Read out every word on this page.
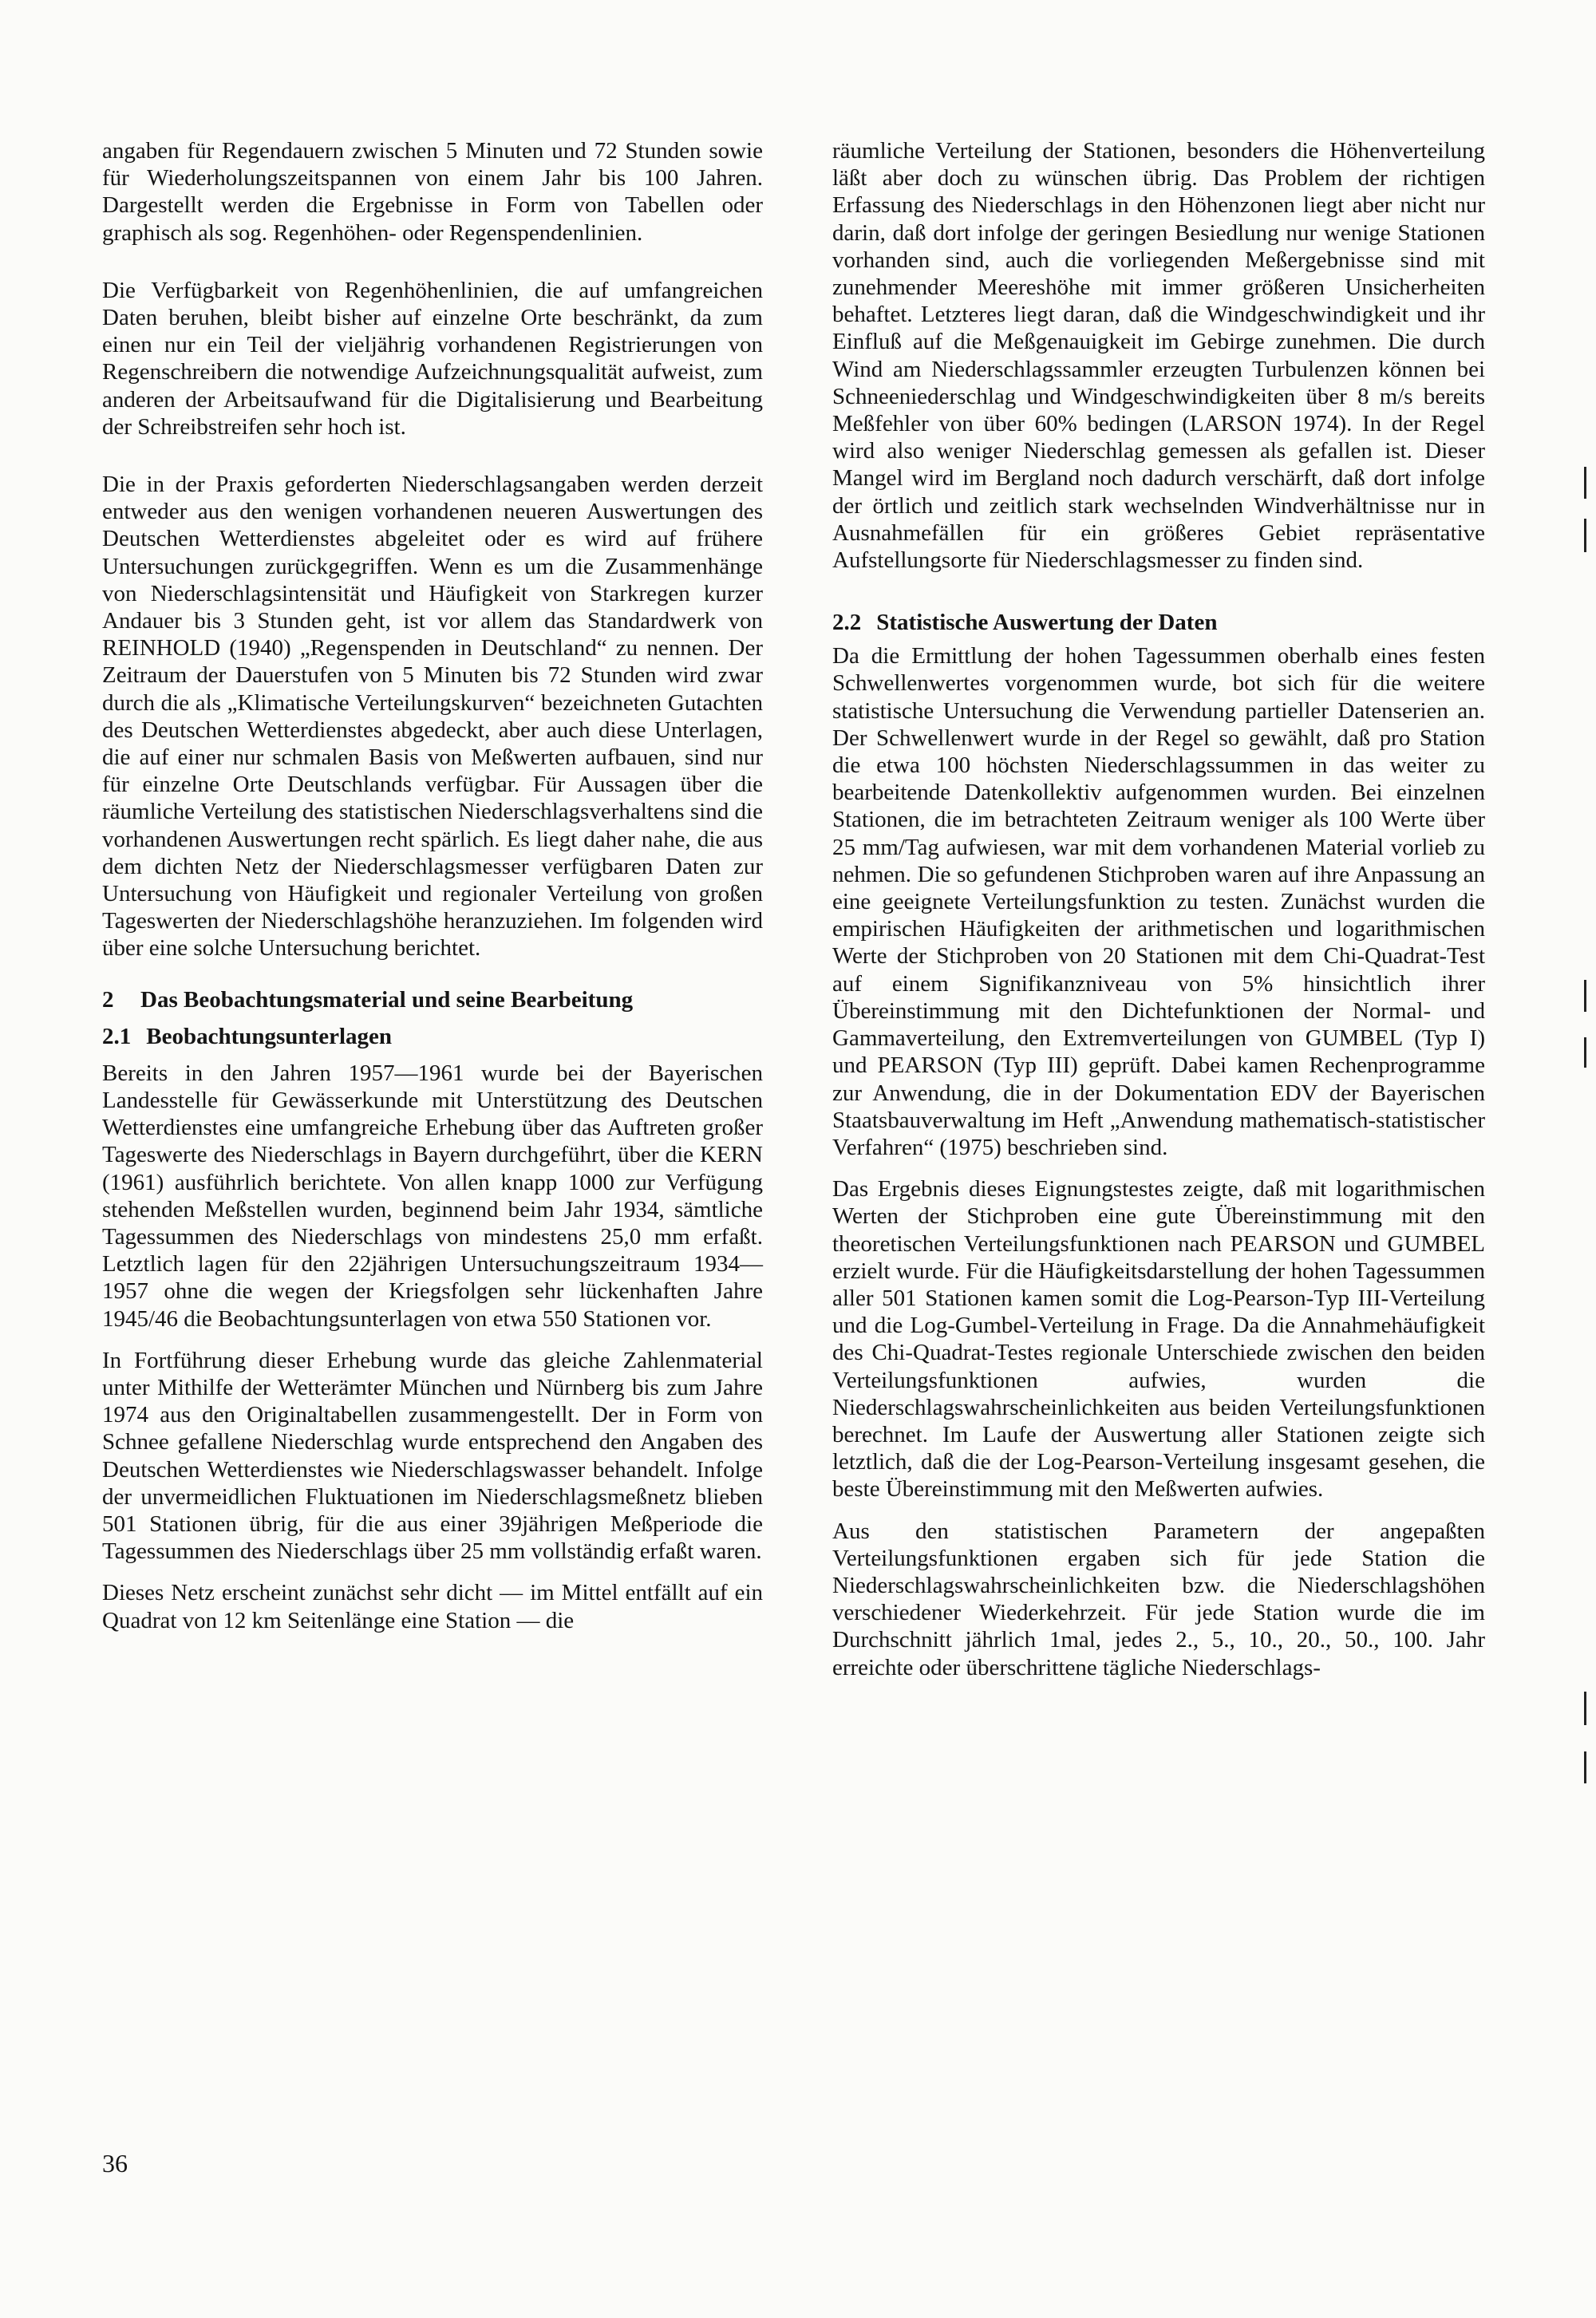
angaben für Regendauern zwischen 5 Minuten und 72 Stunden sowie für Wiederholungszeitspannen von einem Jahr bis 100 Jahren. Dargestellt werden die Ergebnisse in Form von Tabellen oder graphisch als sog. Regenhöhen- oder Regenspendenlinien.

Die Verfügbarkeit von Regenhöhenlinien, die auf umfangreichen Daten beruhen, bleibt bisher auf einzelne Orte beschränkt, da zum einen nur ein Teil der vieljährig vorhandenen Registrierungen von Regenschreibern die notwendige Aufzeichnungsqualität aufweist, zum anderen der Arbeitsaufwand für die Digitalisierung und Bearbeitung der Schreibstreifen sehr hoch ist.

Die in der Praxis geforderten Niederschlagsangaben werden derzeit entweder aus den wenigen vorhandenen neueren Auswertungen des Deutschen Wetterdienstes abgeleitet oder es wird auf frühere Untersuchungen zurückgegriffen. Wenn es um die Zusammenhänge von Niederschlagsintensität und Häufigkeit von Starkregen kurzer Andauer bis 3 Stunden geht, ist vor allem das Standardwerk von REINHOLD (1940) „Regenspenden in Deutschland“ zu nennen. Der Zeitraum der Dauerstufen von 5 Minuten bis 72 Stunden wird zwar durch die als „Klimatische Verteilungskurven“ bezeichneten Gutachten des Deutschen Wetterdienstes abgedeckt, aber auch diese Unterlagen, die auf einer nur schmalen Basis von Meßwerten aufbauen, sind nur für einzelne Orte Deutschlands verfügbar. Für Aussagen über die räumliche Verteilung des statistischen Niederschlagsverhaltens sind die vorhandenen Auswertungen recht spärlich. Es liegt daher nahe, die aus dem dichten Netz der Niederschlagsmesser verfügbaren Daten zur Untersuchung von Häufigkeit und regionaler Verteilung von großen Tageswerten der Niederschlagshöhe heranzuziehen. Im folgenden wird über eine solche Untersuchung berichtet.

2 Das Beobachtungsmaterial und seine Bearbeitung
2.1 Beobachtungsunterlagen

Bereits in den Jahren 1957—1961 wurde bei der Bayerischen Landesstelle für Gewässerkunde mit Unterstützung des Deutschen Wetterdienstes eine umfangreiche Erhebung über das Auftreten großer Tageswerte des Niederschlags in Bayern durchgeführt, über die KERN (1961) ausführlich berichtete. Von allen knapp 1000 zur Verfügung stehenden Meßstellen wurden, beginnend beim Jahr 1934, sämtliche Tagessummen des Niederschlags von mindestens 25,0 mm erfaßt. Letztlich lagen für den 22jährigen Untersuchungszeitraum 1934—1957 ohne die wegen der Kriegsfolgen sehr lückenhaften Jahre 1945/46 die Beobachtungsunterlagen von etwa 550 Stationen vor.

In Fortführung dieser Erhebung wurde das gleiche Zahlenmaterial unter Mithilfe der Wetterämter München und Nürnberg bis zum Jahre 1974 aus den Originaltabellen zusammengestellt. Der in Form von Schnee gefallene Niederschlag wurde entsprechend den Angaben des Deutschen Wetterdienstes wie Niederschlagswasser behandelt. Infolge der unvermeidlichen Fluktuationen im Niederschlagsmeßnetz blieben 501 Stationen übrig, für die aus einer 39jährigen Meßperiode die Tagessummen des Niederschlags über 25 mm vollständig erfaßt waren.

Dieses Netz erscheint zunächst sehr dicht — im Mittel entfällt auf ein Quadrat von 12 km Seitenlänge eine Station — die

räumliche Verteilung der Stationen, besonders die Höhenverteilung läßt aber doch zu wünschen übrig. Das Problem der richtigen Erfassung des Niederschlags in den Höhenzonen liegt aber nicht nur darin, daß dort infolge der geringen Besiedlung nur wenige Stationen vorhanden sind, auch die vorliegenden Meßergebnisse sind mit zunehmender Meereshöhe mit immer größeren Unsicherheiten behaftet. Letzteres liegt daran, daß die Windgeschwindigkeit und ihr Einfluß auf die Meßgenauigkeit im Gebirge zunehmen. Die durch Wind am Niederschlagssammler erzeugten Turbulenzen können bei Schneeniederschlag und Windgeschwindigkeiten über 8 m/s bereits Meßfehler von über 60% bedingen (LARSON 1974). In der Regel wird also weniger Niederschlag gemessen als gefallen ist. Dieser Mangel wird im Bergland noch dadurch verschärft, daß dort infolge der örtlich und zeitlich stark wechselnden Windverhältnisse nur in Ausnahmefällen für ein größeres Gebiet repräsentative Aufstellungsorte für Niederschlagsmesser zu finden sind.

2.2 Statistische Auswertung der Daten

Da die Ermittlung der hohen Tagessummen oberhalb eines festen Schwellenwertes vorgenommen wurde, bot sich für die weitere statistische Untersuchung die Verwendung partieller Datenserien an. Der Schwellenwert wurde in der Regel so gewählt, daß pro Station die etwa 100 höchsten Niederschlagssummen in das weiter zu bearbeitende Datenkollektiv aufgenommen wurden. Bei einzelnen Stationen, die im betrachteten Zeitraum weniger als 100 Werte über 25 mm/Tag aufwiesen, war mit dem vorhandenen Material vorlieb zu nehmen. Die so gefundenen Stichproben waren auf ihre Anpassung an eine geeignete Verteilungsfunktion zu testen. Zunächst wurden die empirischen Häufigkeiten der arithmetischen und logarithmischen Werte der Stichproben von 20 Stationen mit dem Chi-Quadrat-Test auf einem Signifikanzniveau von 5% hinsichtlich ihrer Übereinstimmung mit den Dichtefunktionen der Normal- und Gammaverteilung, den Extremverteilungen von GUMBEL (Typ I) und PEARSON (Typ III) geprüft. Dabei kamen Rechenprogramme zur Anwendung, die in der Dokumentation EDV der Bayerischen Staatsbauverwaltung im Heft „Anwendung mathematisch-statistischer Verfahren“ (1975) beschrieben sind.

Das Ergebnis dieses Eignungstestes zeigte, daß mit logarithmischen Werten der Stichproben eine gute Übereinstimmung mit den theoretischen Verteilungsfunktionen nach PEARSON und GUMBEL erzielt wurde. Für die Häufigkeitsdarstellung der hohen Tagessummen aller 501 Stationen kamen somit die Log-Pearson-Typ III-Verteilung und die Log-Gumbel-Verteilung in Frage. Da die Annahmehäufigkeit des Chi-Quadrat-Testes regionale Unterschiede zwischen den beiden Verteilungsfunktionen aufwies, wurden die Niederschlagswahrscheinlichkeiten aus beiden Verteilungsfunktionen berechnet. Im Laufe der Auswertung aller Stationen zeigte sich letztlich, daß die der Log-Pearson-Verteilung insgesamt gesehen, die beste Übereinstimmung mit den Meßwerten aufwies.

Aus den statistischen Parametern der angepaßten Verteilungsfunktionen ergaben sich für jede Station die Niederschlagswahrscheinlichkeiten bzw. die Niederschlagshöhen verschiedener Wiederkehrzeit. Für jede Station wurde die im Durchschnitt jährlich 1mal, jedes 2., 5., 10., 20., 50., 100. Jahr erreichte oder überschrittene tägliche Niederschlags-

36
